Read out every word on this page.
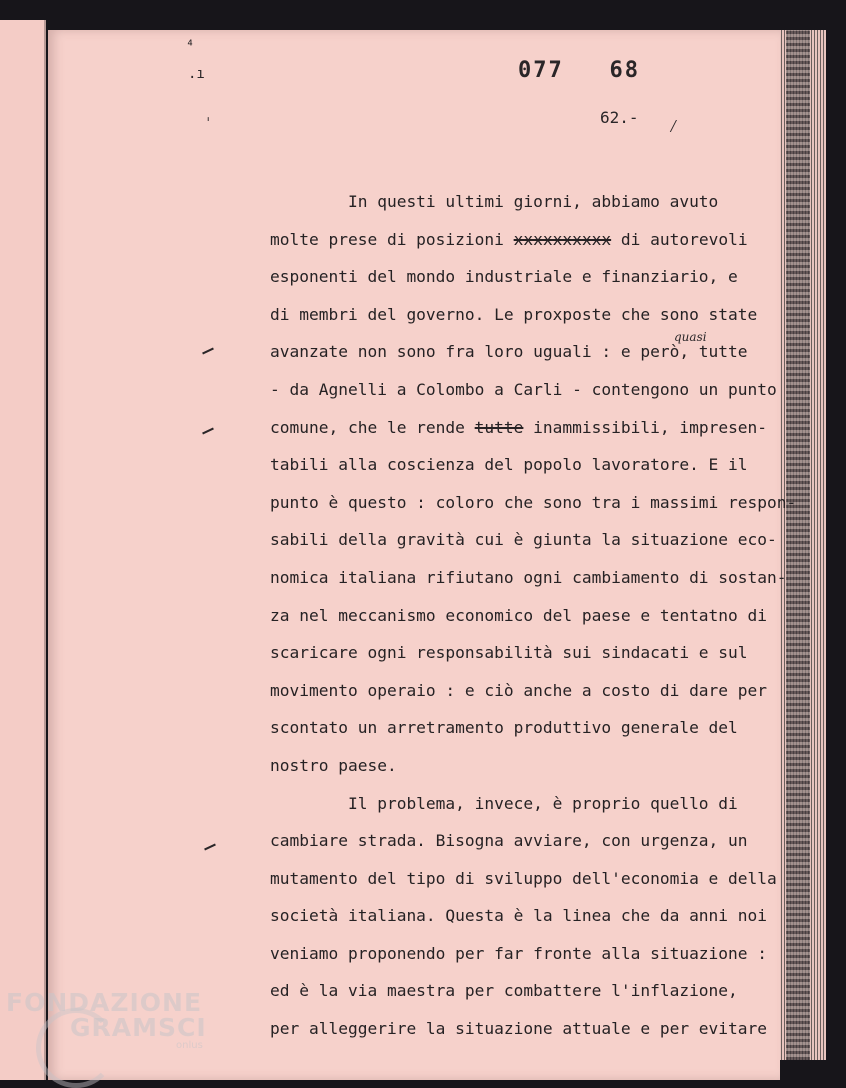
077 68
62.-
⁴
.ı
ˈ	⁄
quasi
In questi ultimi giorni, abbiamo avuto
molte prese di posizioni xxxxxxxxxx di autorevoli
esponenti del mondo industriale e finanziario, e
di membri del governo. Le proxposte che sono state
avanzate non sono fra loro uguali : e però, tutte
- da Agnelli a Colombo a Carli - contengono un punto
comune, che le rende tutte inammissibili, impresen-
tabili alla coscienza del popolo lavoratore. E il
punto è questo : coloro che sono tra i massimi respon-
sabili della gravità cui è giunta la situazione eco-
nomica italiana rifiutano ogni cambiamento di sostan-
za nel meccanismo economico del paese e tentatno di
scaricare ogni responsabilità sui sindacati e sul
movimento operaio : e ciò anche a costo di dare per
scontato un arretramento produttivo generale del
nostro paese.
Il problema, invece, è proprio quello di
cambiare strada. Bisogna avviare, con urgenza, un
mutamento del tipo di sviluppo dell'economia e della
società italiana. Questa è la linea che da anni noi
veniamo proponendo per far fronte alla situazione :
ed è la via maestra per combattere l'inflazione,
per alleggerire la situazione attuale e per evitare
FONDAZIONE
GRAMSCI
onlus
